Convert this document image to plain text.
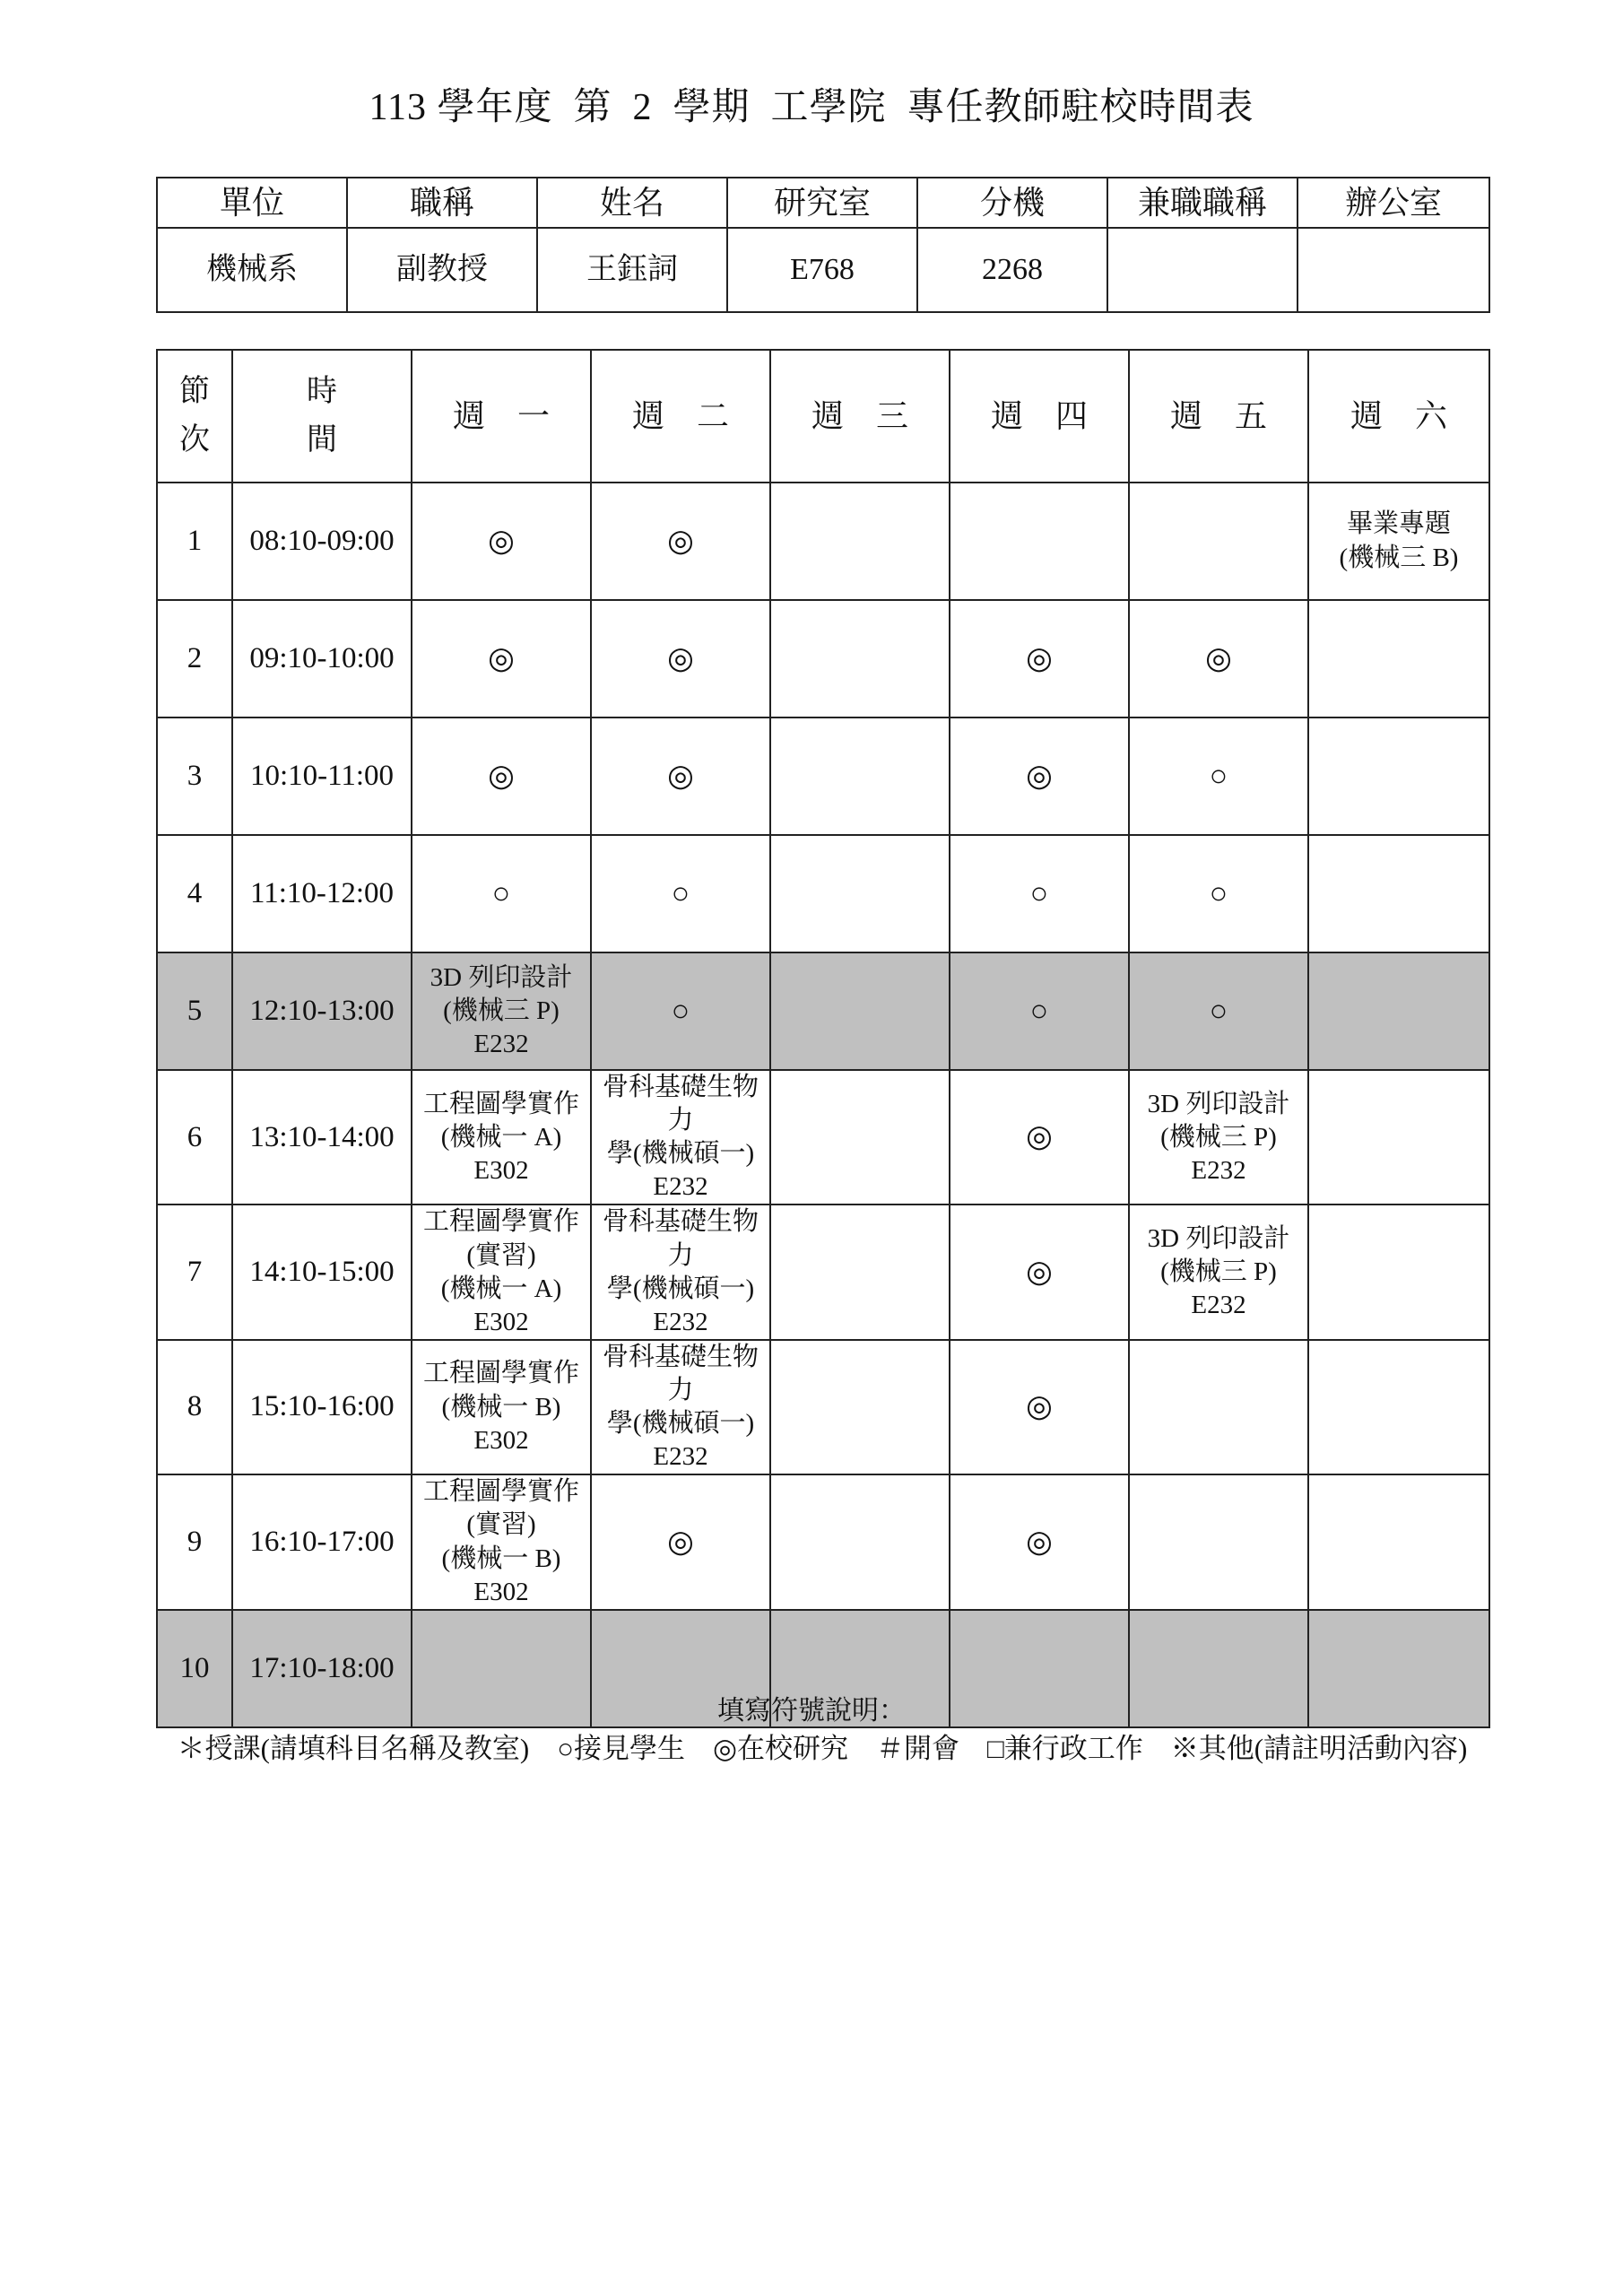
113 學年度  第  2  學期  工學院  專任教師駐校時間表
單位	職稱	姓名	研究室	分機	兼職職稱	辦公室
機械系	副教授	王鈺詞	E768	2268		
節
次	時
間	週　一	週　二	週　三	週　四	週　五	週　六
1	08:10-09:00	◎	◎				畢業專題
(機械三 B)

2	09:10-10:00	◎	◎		◎	◎	

3	10:10-11:00	◎	◎		◎	○	

4	11:10-12:00	○	○		○	○	

5	12:10-13:00	3D 列印設計
(機械三 P)
E232	○		○	○	

6	13:10-14:00	工程圖學實作
(機械一 A)
E302	骨科基礎生物力
學(機械碩一)
E232		◎	3D 列印設計
(機械三 P)
E232	

7	14:10-15:00	工程圖學實作
(實習)
(機械一 A)
E302	骨科基礎生物力
學(機械碩一)
E232		◎	3D 列印設計
(機械三 P)
E232	

8	15:10-16:00	工程圖學實作
(機械一 B)
E302	骨科基礎生物力
學(機械碩一)
E232		◎		

9	16:10-17:00	工程圖學實作
(實習)
(機械一 B)
E302	◎		◎		

10	17:10-18:00						
填寫符號說明：
＊授課(請填科目名稱及教室)　○接見學生　◎在校研究　＃開會　□兼行政工作　※其他(請註明活動內容)
